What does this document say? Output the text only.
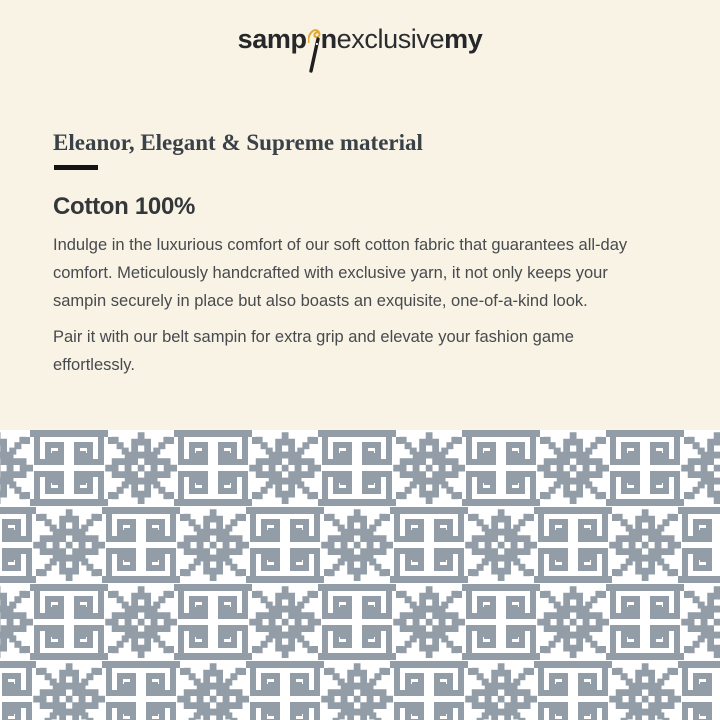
samp n exclusive my
Eleanor, Elegant & Supreme material
Cotton 100%
Indulge in the luxurious comfort of our soft cotton fabric that guarantees all-day
comfort. Meticulously handcrafted with exclusive yarn, it not only keeps your
sampin securely in place but also boasts an exquisite, one-of-a-kind look.
Pair it with our belt sampin for extra grip and elevate your fashion game
effortlessly.
